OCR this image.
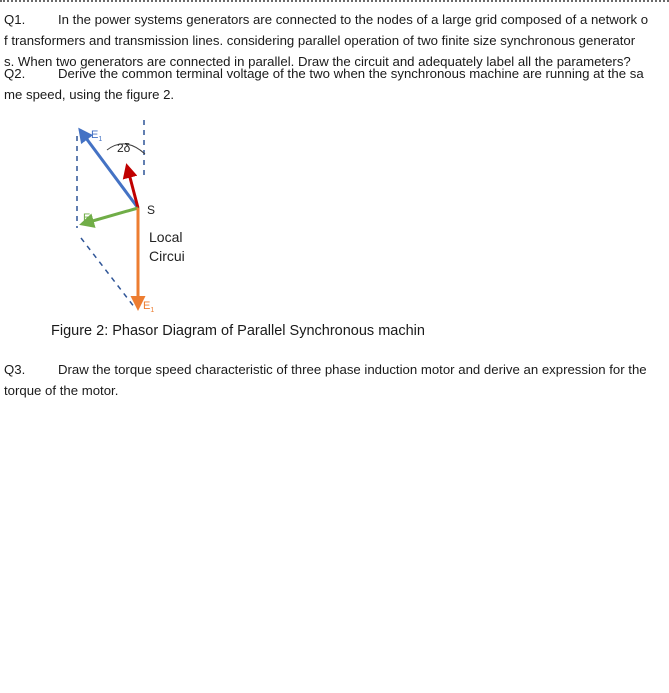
Q1. In the power systems generators are connected to the nodes of a large grid composed of a network o
f transformers and transmission lines. considering parallel operation of two finite size synchronous generator
s. When two generators are connected in parallel. Draw the circuit and adequately label all the parameters?
Q2. Derive the common terminal voltage of the two when the synchronous machine are running at the sa
me speed, using the figure 2.
$E_1$
2δ
$E_s$
S
Local
Circui
$E_1$
Figure 2: Phasor Diagram of Parallel Synchronous machin
Q3. Draw the torque speed characteristic of three phase induction motor and derive an expression for the
torque of the motor.
